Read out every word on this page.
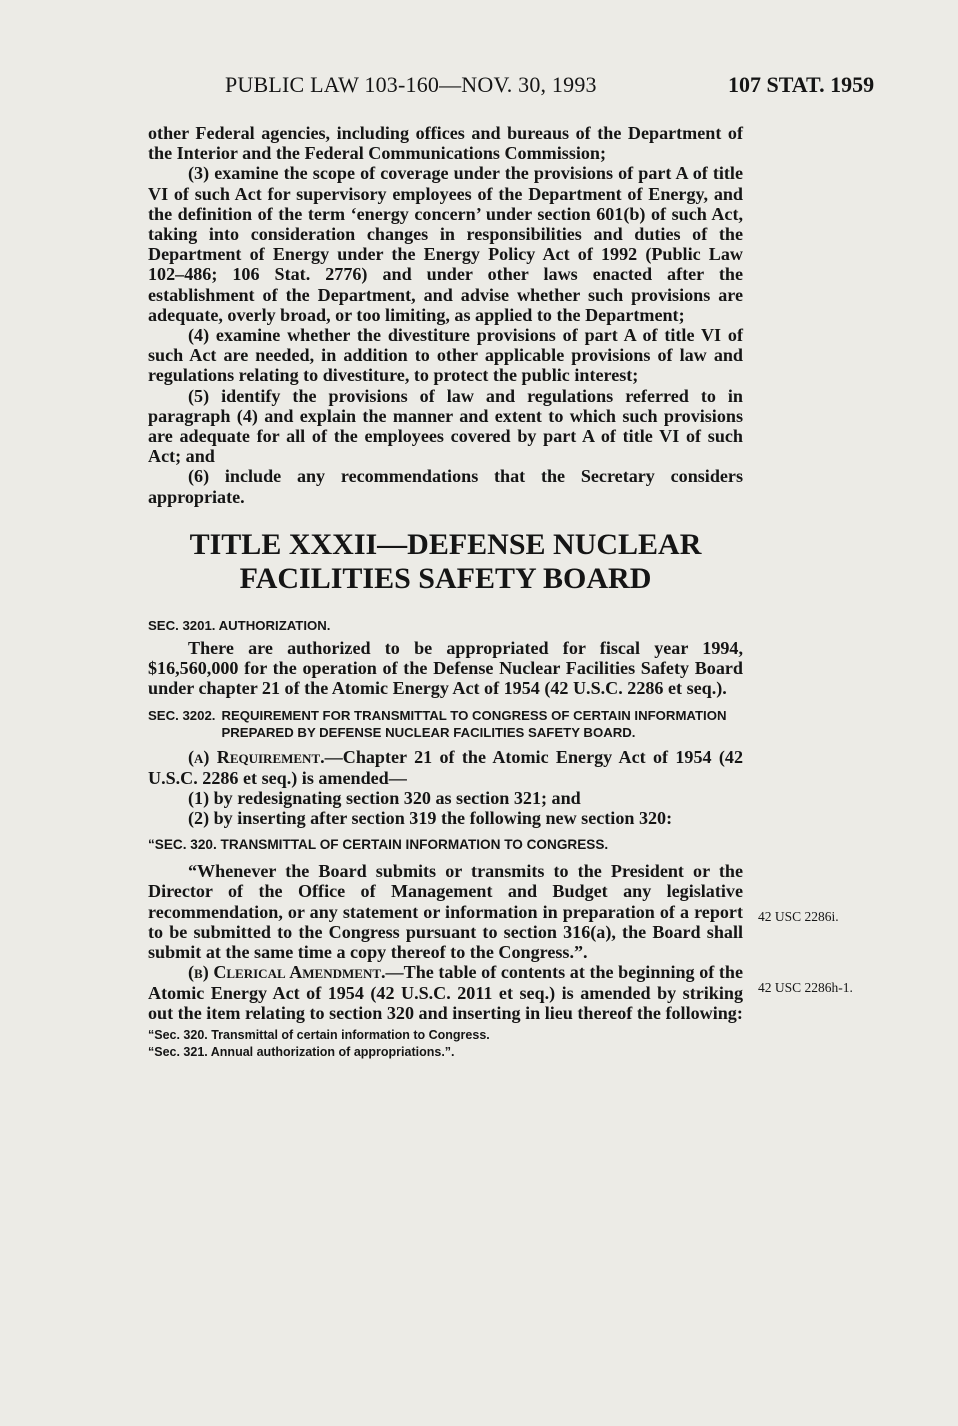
PUBLIC LAW 103-160—NOV. 30, 1993	107 STAT. 1959

other Federal agencies, including offices and bureaus of the Department of the Interior and the Federal Communications Commission;

(3) examine the scope of coverage under the provisions of part A of title VI of such Act for supervisory employees of the Department of Energy, and the definition of the term ‘energy concern’ under section 601(b) of such Act, taking into consideration changes in responsibilities and duties of the Department of Energy under the Energy Policy Act of 1992 (Public Law 102–486; 106 Stat. 2776) and under other laws enacted after the establishment of the Department, and advise whether such provisions are adequate, overly broad, or too limiting, as applied to the Department;

(4) examine whether the divestiture provisions of part A of title VI of such Act are needed, in addition to other applicable provisions of law and regulations relating to divestiture, to protect the public interest;

(5) identify the provisions of law and regulations referred to in paragraph (4) and explain the manner and extent to which such provisions are adequate for all of the employees covered by part A of title VI of such Act; and

(6) include any recommendations that the Secretary considers appropriate.

TITLE XXXII—DEFENSE NUCLEAR
FACILITIES SAFETY BOARD
SEC. 3201. AUTHORIZATION.

There are authorized to be appropriated for fiscal year 1994, $16,560,000 for the operation of the Defense Nuclear Facilities Safety Board under chapter 21 of the Atomic Energy Act of 1954 (42 U.S.C. 2286 et seq.).

SEC. 3202. REQUIREMENT FOR TRANSMITTAL TO CONGRESS OF CERTAIN INFORMATION PREPARED BY DEFENSE NUCLEAR FACILITIES SAFETY BOARD.

(a) Requirement.—Chapter 21 of the Atomic Energy Act of 1954 (42 U.S.C. 2286 et seq.) is amended—

(1) by redesignating section 320 as section 321; and

(2) by inserting after section 319 the following new section 320:

“SEC. 320. TRANSMITTAL OF CERTAIN INFORMATION TO CONGRESS.

“Whenever the Board submits or transmits to the President or the Director of the Office of Management and Budget any legislative recommendation, or any statement or information in preparation of a report to be submitted to the Congress pursuant to section 316(a), the Board shall submit at the same time a copy thereof to the Congress.”.

(b) Clerical Amendment.—The table of contents at the beginning of the Atomic Energy Act of 1954 (42 U.S.C. 2011 et seq.) is amended by striking out the item relating to section 320 and inserting in lieu thereof the following:

“Sec. 320. Transmittal of certain information to Congress.
“Sec. 321. Annual authorization of appropriations.”.
42 USC 2286i.
42 USC 2286h-1.
